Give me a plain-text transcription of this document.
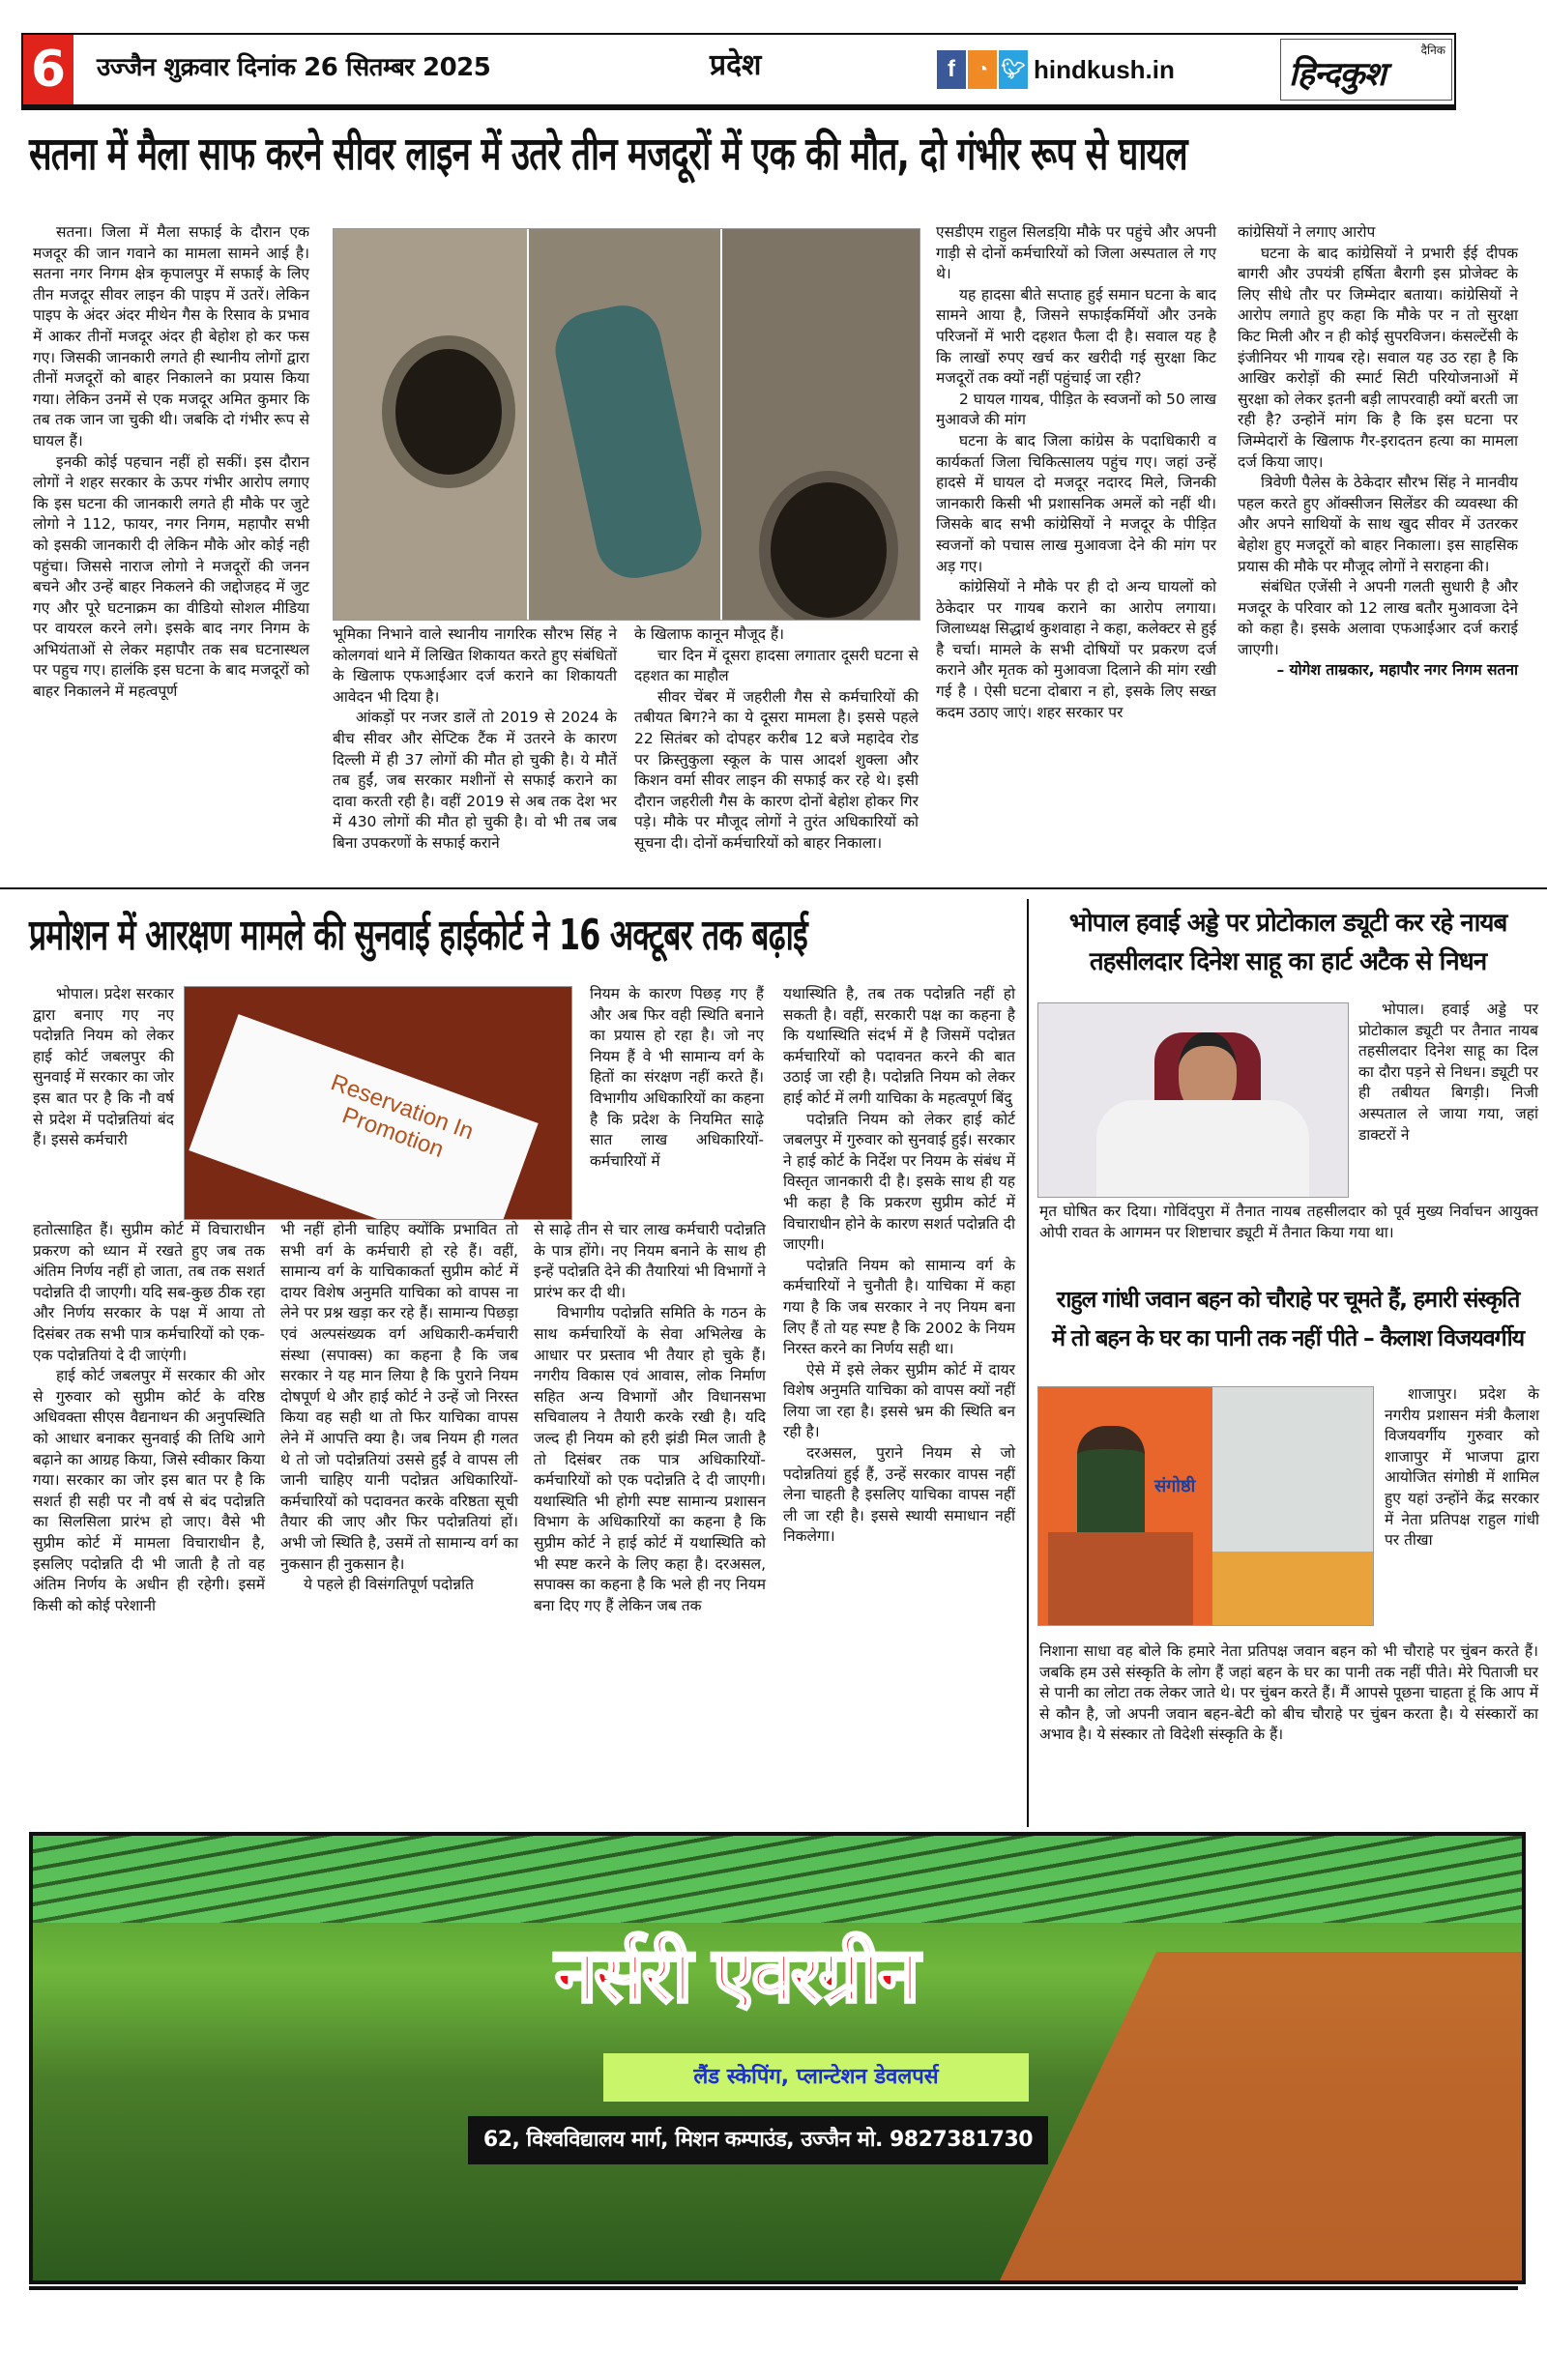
6	उज्जैन शुक्रवार दिनांक 26 सितम्बर 2025	प्रदेश	f	◔ 🐦︎ hindkush.in
दैनिक
हिन्दकुश
सतना में मैला साफ करने सीवर लाइन में उतरे तीन मजदूरों में एक की मौत, दो गंभीर रूप से घायल

सतना। जिला में मैला सफाई के दौरान एक मजदूर की जान गवाने का मामला सामने आई है। सतना नगर निगम क्षेत्र कृपालपुर में सफाई के लिए तीन मजदूर सीवर लाइन की पाइप में उतरें। लेकिन पाइप के अंदर अंदर मीथेन गैस के रिसाव के प्रभाव में आकर तीनों मजदूर अंदर ही बेहोश हो कर फस गए। जिसकी जानकारी लगते ही स्थानीय लोगों द्वारा तीनों मजदूरों को बाहर निकालने का प्रयास किया गया। लेकिन उनमें से एक मजदूर अमित कुमार कि तब तक जान जा चुकी थी। जबकि दो गंभीर रूप से घायल हैं।

इनकी कोई पहचान नहीं हो सकीं। इस दौरान लोगों ने शहर सरकार के ऊपर गंभीर आरोप लगाए कि इस घटना की जानकारी लगते ही मौके पर जुटे लोगो ने 112, फायर, नगर निगम, महापौर सभी को इसकी जानकारी दी लेकिन मौके ओर कोई नही पहुंचा। जिससे नाराज लोगो ने मजदूरों की जनन बचने और उन्हें बाहर निकलने की जद्दोजहद में जुट गए और पूरे घटनाक्रम का वीडियो सोशल मीडिया पर वायरल करने लगे। इसके बाद नगर निगम के अभियंताओं से लेकर महापौर तक सब घटनास्थल पर पहुच गए। हालंकि इस घटना के बाद मजदूरों को बाहर निकालने में महत्वपूर्ण

भूमिका निभाने वाले स्थानीय नागरिक सौरभ सिंह ने कोलगवां थाने में लिखित शिकायत करते हुए संबंधितों के खिलाफ एफआईआर दर्ज कराने का शिकायती आवेदन भी दिया है।

आंकड़ों पर नजर डालें तो 2019 से 2024 के बीच सीवर और सेप्टिक टैंक में उतरने के कारण दिल्ली में ही 37 लोगों की मौत हो चुकी है। ये मौतें तब हुईं, जब सरकार मशीनों से सफाई कराने का दावा करती रही है। वहीं 2019 से अब तक देश भर में 430 लोगों की मौत हो चुकी है। वो भी तब जब बिना उपकरणों के सफाई कराने

के खिलाफ कानून मौजूद हैं।

चार दिन में दूसरा हादसा लगातार दूसरी घटना से दहशत का माहौल

सीवर चेंबर में जहरीली गैस से कर्मचारियों की तबीयत बिग?ने का ये दूसरा मामला है। इससे पहले 22 सितंबर को दोपहर करीब 12 बजे महादेव रोड पर क्रिस्तुकुला स्कूल के पास आदर्श शुक्ला और किशन वर्मा सीवर लाइन की सफाई कर रहे थे। इसी दौरान जहरीली गैस के कारण दोनों बेहोश होकर गिर पड़े। मौके पर मौजूद लोगों ने तुरंत अधिकारियों को सूचना दी। दोनों कर्मचारियों को बाहर निकाला।

एसडीएम राहुल सिलडयि़ा मौके पर पहुंचे और अपनी गाड़ी से दोनों कर्मचारियों को जिला अस्पताल ले गए थे।

यह हादसा बीते सप्ताह हुई समान घटना के बाद सामने आया है, जिसने सफाईकर्मियों और उनके परिजनों में भारी दहशत फैला दी है। सवाल यह है कि लाखों रुपए खर्च कर खरीदी गई सुरक्षा किट मजदूरों तक क्यों नहीं पहुंचाई जा रही?

2 घायल गायब, पीड़ित के स्वजनों को 50 लाख मुआवजे की मांग

घटना के बाद जिला कांग्रेस के पदाधिकारी व कार्यकर्ता जिला चिकित्सालय पहुंच गए। जहां उन्हें हादसे में घायल दो मजदूर नदारद मिले, जिनकी जानकारी किसी भी प्रशासनिक अमलें को नहीं थी। जिसके बाद सभी कांग्रेसियों ने मजदूर के पीड़ित स्वजनों को पचास लाख मुआवजा देने की मांग पर अड़ गए।

कांग्रेसियों ने मौके पर ही दो अन्य घायलों को ठेकेदार पर गायब कराने का आरोप लगाया। जिलाध्यक्ष सिद्धार्थ कुशवाहा ने कहा, कलेक्टर से हुई है चर्चा। मामले के सभी दोषियों पर प्रकरण दर्ज कराने और मृतक को मुआवजा दिलाने की मांग रखी गई है । ऐसी घटना दोबारा न हो, इसके लिए सख्त कदम उठाए जाएं। शहर सरकार पर

कांग्रेसियों ने लगाए आरोप

घटना के बाद कांग्रेसियों ने प्रभारी ईई दीपक बागरी और उपयंत्री हर्षिता बैरागी इस प्रोजेक्ट के लिए सीधे तौर पर जिम्मेदार बताया। कांग्रेसियों ने आरोप लगाते हुए कहा कि मौके पर न तो सुरक्षा किट मिली और न ही कोई सुपरविजन। कंसल्टेंसी के इंजीनियर भी गायब रहे। सवाल यह उठ रहा है कि आखिर करोड़ों की स्मार्ट सिटी परियोजनाओं में सुरक्षा को लेकर इतनी बड़ी लापरवाही क्यों बरती जा रही है? उन्होनें मांग कि है कि इस घटना पर जिम्मेदारों के खिलाफ गैर-इरादतन हत्या का मामला दर्ज किया जाए।

त्रिवेणी पैलेस के ठेकेदार सौरभ सिंह ने मानवीय पहल करते हुए ऑक्सीजन सिलेंडर की व्यवस्था की और अपने साथियों के साथ खुद सीवर में उतरकर बेहोश हुए मजदूरों को बाहर निकाला। इस साहसिक प्रयास की मौके पर मौजूद लोगों ने सराहना की।

संबंधित एजेंसी ने अपनी गलती सुधारी है और मजदूर के परिवार को 12 लाख बतौर मुआवजा देने को कहा है। इसके अलावा एफआईआर दर्ज कराई जाएगी।

– योगेश ताम्रकार, महापौर नगर निगम सतना

प्रमोशन में आरक्षण मामले की सुनवाई हाईकोर्ट ने 16 अक्टूबर तक बढ़ाई
Reservation In Promotion

भोपाल। प्रदेश सरकार द्वारा बनाए गए नए पदोन्नति नियम को लेकर हाई कोर्ट जबलपुर की सुनवाई में सरकार का जोर इस बात पर है कि नौ वर्ष से प्रदेश में पदोन्नतियां बंद हैं। इससे कर्मचारी

हतोत्साहित हैं। सुप्रीम कोर्ट में विचाराधीन प्रकरण को ध्यान में रखते हुए जब तक अंतिम निर्णय नहीं हो जाता, तब तक सशर्त पदोन्नति दी जाएगी। यदि सब-कुछ ठीक रहा और निर्णय सरकार के पक्ष में आया तो दिसंबर तक सभी पात्र कर्मचारियों को एक-एक पदोन्नतियां दे दी जाएंगी।

हाई कोर्ट जबलपुर में सरकार की ओर से गुरुवार को सुप्रीम कोर्ट के वरिष्ठ अधिवक्ता सीएस वैद्यनाथन की अनुपस्थिति को आधार बनाकर सुनवाई की तिथि आगे बढ़ाने का आग्रह किया, जिसे स्वीकार किया गया। सरकार का जोर इस बात पर है कि सशर्त ही सही पर नौ वर्ष से बंद पदोन्नति का सिलसिला प्रारंभ हो जाए। वैसे भी सुप्रीम कोर्ट में मामला विचाराधीन है, इसलिए पदोन्नति दी भी जाती है तो वह अंतिम निर्णय के अधीन ही रहेगी। इसमें किसी को कोई परेशानी

भी नहीं होनी चाहिए क्योंकि प्रभावित तो सभी वर्ग के कर्मचारी हो रहे हैं। वहीं, सामान्य वर्ग के याचिकाकर्ता सुप्रीम कोर्ट में दायर विशेष अनुमति याचिका को वापस ना लेने पर प्रश्न खड़ा कर रहे हैं। सामान्य पिछड़ा एवं अल्पसंख्यक वर्ग अधिकारी-कर्मचारी संस्था (सपाक्स) का कहना है कि जब सरकार ने यह मान लिया है कि पुराने नियम दोषपूर्ण थे और हाई कोर्ट ने उन्हें जो निरस्त किया वह सही था तो फिर याचिका वापस लेने में आपत्ति क्या है। जब नियम ही गलत थे तो जो पदोन्नतियां उससे हुईं वे वापस ली जानी चाहिए यानी पदोन्नत अधिकारियों-कर्मचारियों को पदावनत करके वरिष्ठता सूची तैयार की जाए और फिर पदोन्नतियां हों। अभी जो स्थिति है, उसमें तो सामान्य वर्ग का नुकसान ही नुकसान है।

ये पहले ही विसंगतिपूर्ण पदोन्नति

नियम के कारण पिछड़ गए हैं और अब फिर वही स्थिति बनाने का प्रयास हो रहा है। जो नए नियम हैं वे भी सामान्य वर्ग के हितों का संरक्षण नहीं करते हैं। विभागीय अधिकारियों का कहना है कि प्रदेश के नियमित साढ़े सात लाख अधिकारियों-कर्मचारियों में

से साढ़े तीन से चार लाख कर्मचारी पदोन्नति के पात्र होंगे। नए नियम बनाने के साथ ही इन्हें पदोन्नति देने की तैयारियां भी विभागों ने प्रारंभ कर दी थी।

विभागीय पदोन्नति समिति के गठन के साथ कर्मचारियों के सेवा अभिलेख के आधार पर प्रस्ताव भी तैयार हो चुके हैं। नगरीय विकास एवं आवास, लोक निर्माण सहित अन्य विभागों और विधानसभा सचिवालय ने तैयारी करके रखी है। यदि जल्द ही नियम को हरी झंडी मिल जाती है तो दिसंबर तक पात्र अधिकारियों-कर्मचारियों को एक पदोन्नति दे दी जाएगी। यथास्थिति भी होगी स्पष्ट सामान्य प्रशासन विभाग के अधिकारियों का कहना है कि सुप्रीम कोर्ट ने हाई कोर्ट में यथास्थिति को भी स्पष्ट करने के लिए कहा है। दरअसल, सपाक्स का कहना है कि भले ही नए नियम बना दिए गए हैं लेकिन जब तक

यथास्थिति है, तब तक पदोन्नति नहीं हो सकती है। वहीं, सरकारी पक्ष का कहना है कि यथास्थिति संदर्भ में है जिसमें पदोन्नत कर्मचारियों को पदावनत करने की बात उठाई जा रही है। पदोन्नति नियम को लेकर हाई कोर्ट में लगी याचिका के महत्वपूर्ण बिंदु

पदोन्नति नियम को लेकर हाई कोर्ट जबलपुर में गुरुवार को सुनवाई हुई। सरकार ने हाई कोर्ट के निर्देश पर नियम के संबंध में विस्तृत जानकारी दी है। इसके साथ ही यह भी कहा है कि प्रकरण सुप्रीम कोर्ट में विचाराधीन होने के कारण सशर्त पदोन्नति दी जाएगी।

पदोन्नति नियम को सामान्य वर्ग के कर्मचारियों ने चुनौती है। याचिका में कहा गया है कि जब सरकार ने नए नियम बना लिए हैं तो यह स्पष्ट है कि 2002 के नियम निरस्त करने का निर्णय सही था।

ऐसे में इसे लेकर सुप्रीम कोर्ट में दायर विशेष अनुमति याचिका को वापस क्यों नहीं लिया जा रहा है। इससे भ्रम की स्थिति बन रही है।

दरअसल, पुराने नियम से जो पदोन्नतियां हुई हैं, उन्हें सरकार वापस नहीं लेना चाहती है इसलिए याचिका वापस नहीं ली जा रही है। इससे स्थायी समाधान नहीं निकलेगा।

भोपाल हवाई अड्डे पर प्रोटोकाल ड्यूटी कर रहे नायब
तहसीलदार दिनेश साहू का हार्ट अटैक से निधन

भोपाल। हवाई अड्डे पर प्रोटोकाल ड्यूटी पर तैनात नायब तहसीलदार दिनेश साहू का दिल का दौरा पड़ने से निधन। ड्यूटी पर ही तबीयत बिगड़ी। निजी अस्पताल ले जाया गया, जहां डाक्टरों ने

मृत घोषित कर दिया। गोविंदपुरा में तैनात नायब तहसीलदार को पूर्व मुख्य निर्वाचन आयुक्त ओपी रावत के आगमन पर शिष्टाचार ड्यूटी में तैनात किया गया था।

राहुल गांधी जवान बहन को चौराहे पर चूमते हैं, हमारी संस्कृति
में तो बहन के घर का पानी तक नहीं पीते – कैलाश विजयवर्गीय
संगोष्ठी

शाजापुर। प्रदेश के नगरीय प्रशासन मंत्री कैलाश विजयवर्गीय गुरुवार को शाजापुर में भाजपा द्वारा आयोजित संगोष्ठी में शामिल हुए यहां उन्होंने केंद्र सरकार में नेता प्रतिपक्ष राहुल गांधी पर तीखा

निशाना साधा वह बोले कि हमारे नेता प्रतिपक्ष जवान बहन को भी चौराहे पर चुंबन करते हैं। जबकि हम उसे संस्कृति के लोग हैं जहां बहन के घर का पानी तक नहीं पीते। मेरे पिताजी घर से पानी का लोटा तक लेकर जाते थे। पर चुंबन करते हैं। मैं आपसे पूछना चाहता हूं कि आप में से कौन है, जो अपनी जवान बहन-बेटी को बीच चौराहे पर चुंबन करता है। ये संस्कारों का अभाव है। ये संस्कार तो विदेशी संस्कृति के हैं।

नर्सरी एवरग्रीन
लैंड स्केपिंग, प्लान्टेशन डेवलपर्स
62, विश्वविद्यालय मार्ग, मिशन कम्पाउंड, उज्जैन मो. 9827381730
